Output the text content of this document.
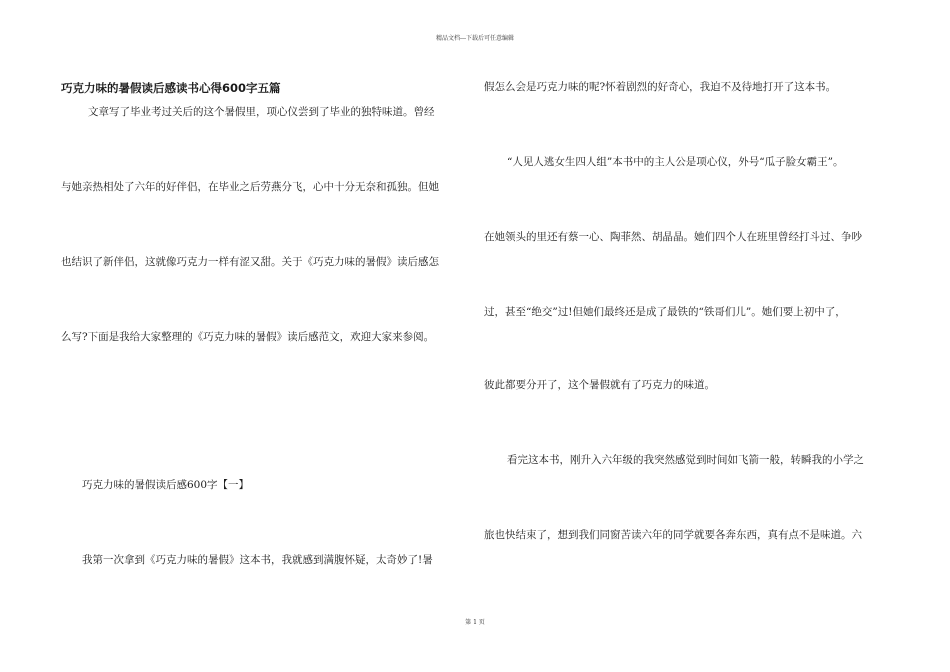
精品文档---下载后可任意编辑
巧克力味的暑假读后感读书心得600字五篇
文章写了毕业考过关后的这个暑假里，项心仪尝到了毕业的独特味道。曾经
与她亲热相处了六年的好伴侣，在毕业之后劳燕分飞，心中十分无奈和孤独。但她
也结识了新伴侣，这就像巧克力一样有涩又甜。关于《巧克力味的暑假》读后感怎
么写?下面是我给大家整理的《巧克力味的暑假》读后感范文，欢迎大家来参阅。
巧克力味的暑假读后感600字【一】
我第一次拿到《巧克力味的暑假》这本书，我就感到满腹怀疑，太奇妙了!暑
假怎么会是巧克力味的呢?怀着剧烈的好奇心，我迫不及待地打开了这本书。
“人见人逃女生四人组”本书中的主人公是项心仪，外号“瓜子脸女霸王”。
在她领头的里还有蔡一心、陶菲然、胡晶晶。她们四个人在班里曾经打斗过、争吵
过，甚至“绝交”过!但她们最终还是成了最铁的“铁哥们儿”。她们要上初中了，
彼此都要分开了，这个暑假就有了巧克力的味道。
看完这本书，刚升入六年级的我突然感觉到时间如飞箭一般，转瞬我的小学之
旅也快结束了，想到我们同窗苦读六年的同学就要各奔东西，真有点不是味道。六
第 1 页
